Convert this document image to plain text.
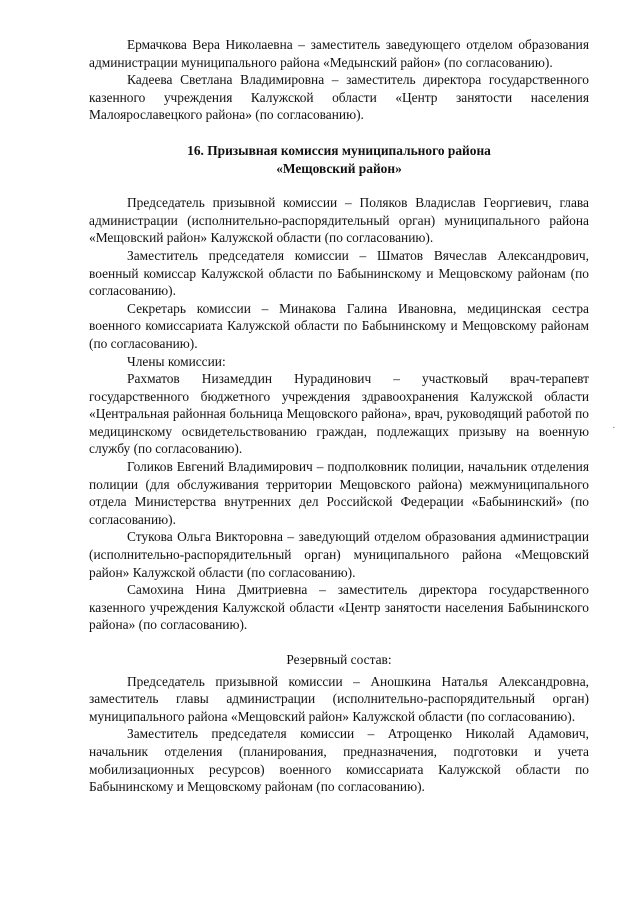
Ермачкова Вера Николаевна – заместитель заведующего отделом образования администрации муниципального района «Медынский район» (по согласованию).

Кадеева Светлана Владимировна – заместитель директора государственного казенного учреждения Калужской области «Центр занятости населения Малоярославецкого района» (по согласованию).

16. Призывная комиссия муниципального района

«Мещовский район»

Председатель призывной комиссии – Поляков Владислав Георгиевич, глава администрации (исполнительно-распорядительный орган) муниципального района «Мещовский район» Калужской области (по согласованию).

Заместитель председателя комиссии – Шматов Вячеслав Александрович, военный комиссар Калужской области по Бабынинскому и Мещовскому районам (по согласованию).

Секретарь комиссии – Минакова Галина Ивановна, медицинская сестра военного комиссариата Калужской области по Бабынинскому и Мещовскому районам (по согласованию).

Члены комиссии:

Рахматов Низамеддин Нурадинович – участковый врач-терапевт государственного бюджетного учреждения здравоохранения Калужской области «Центральная районная больница Мещовского района», врач, руководящий работой по медицинскому освидетельствованию граждан, подлежащих призыву на военную службу (по согласованию).

Голиков Евгений Владимирович – подполковник полиции, начальник отделения полиции (для обслуживания территории Мещовского района) межмуниципального отдела Министерства внутренних дел Российской Федерации «Бабынинский» (по согласованию).

Стукова Ольга Викторовна – заведующий отделом образования администрации (исполнительно-распорядительный орган) муниципального района «Мещовский район» Калужской области (по согласованию).

Самохина Нина Дмитриевна – заместитель директора государственного казенного учреждения Калужской области «Центр занятости населения Бабынинского района» (по согласованию).

Резервный состав:

Председатель призывной комиссии – Аношкина Наталья Александровна, заместитель главы администрации (исполнительно-распорядительный орган) муниципального района «Мещовский район» Калужской области (по согласованию).

Заместитель председателя комиссии – Атрощенко Николай Адамович, начальник отделения (планирования, предназначения, подготовки и учета мобилизационных ресурсов) военного комиссариата Калужской области по Бабынинскому и Мещовскому районам (по согласованию).

·
